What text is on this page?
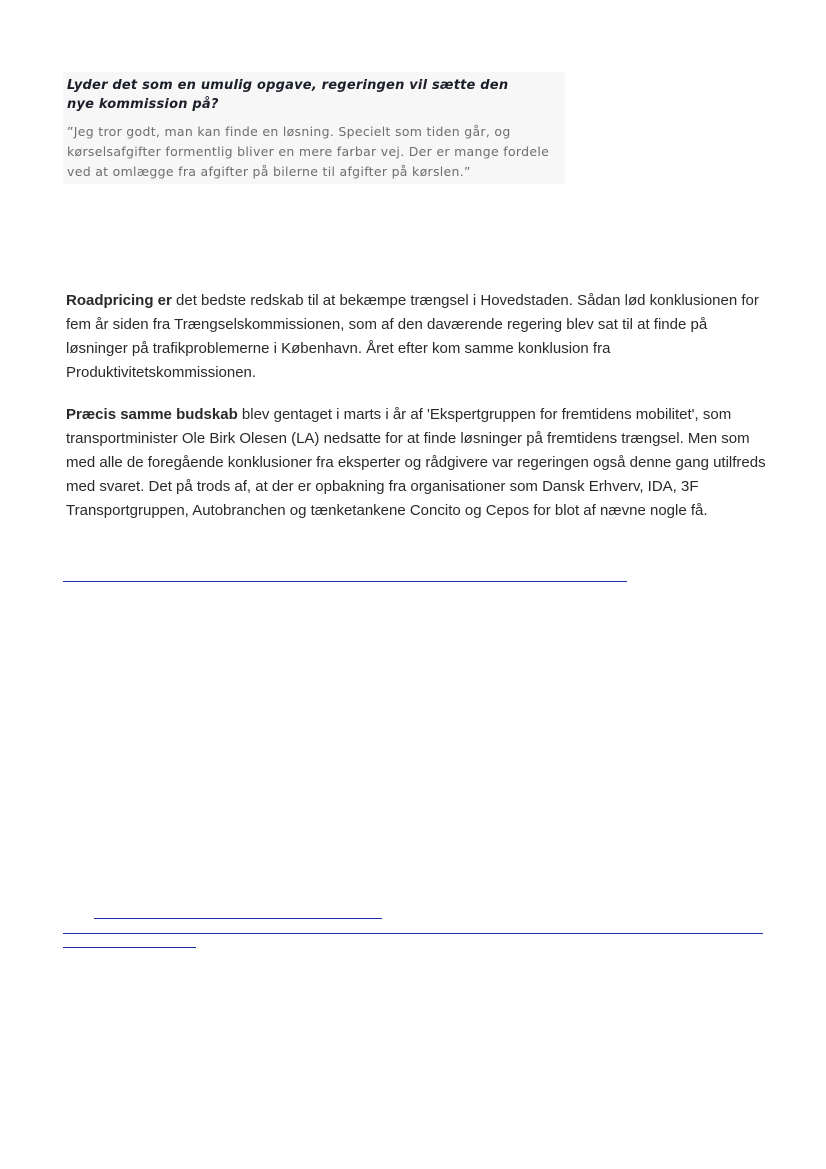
Lyder det som en umulig opgave, regeringen vil sætte den nye kommission på?
”Jeg tror godt, man kan finde en løsning. Specielt som tiden går, og kørselsafgifter formentlig bliver en mere farbar vej. Der er mange fordele ved at omlægge fra afgifter på bilerne til afgifter på kørslen.”

Roadpricing er det bedste redskab til at bekæmpe trængsel i Hovedstaden. Sådan lød konklusionen for fem år siden fra Trængselskommissionen, som af den daværende regering blev sat til at finde på løsninger på trafikproblemerne i København. Året efter kom samme konklusion fra Produktivitetskommissionen.

Præcis samme budskab blev gentaget i marts i år af 'Ekspertgruppen for fremtidens mobilitet', som transportminister Ole Birk Olesen (LA) nedsatte for at finde løsninger på fremtidens trængsel. Men som med alle de foregående konklusioner fra eksperter og rådgivere var regeringen også denne gang utilfreds med svaret. Det på trods af, at der er opbakning fra organisationer som Dansk Erhverv, IDA, 3F Transportgruppen, Autobranchen og tænketankene Concito og Cepos for blot af nævne nogle få.
